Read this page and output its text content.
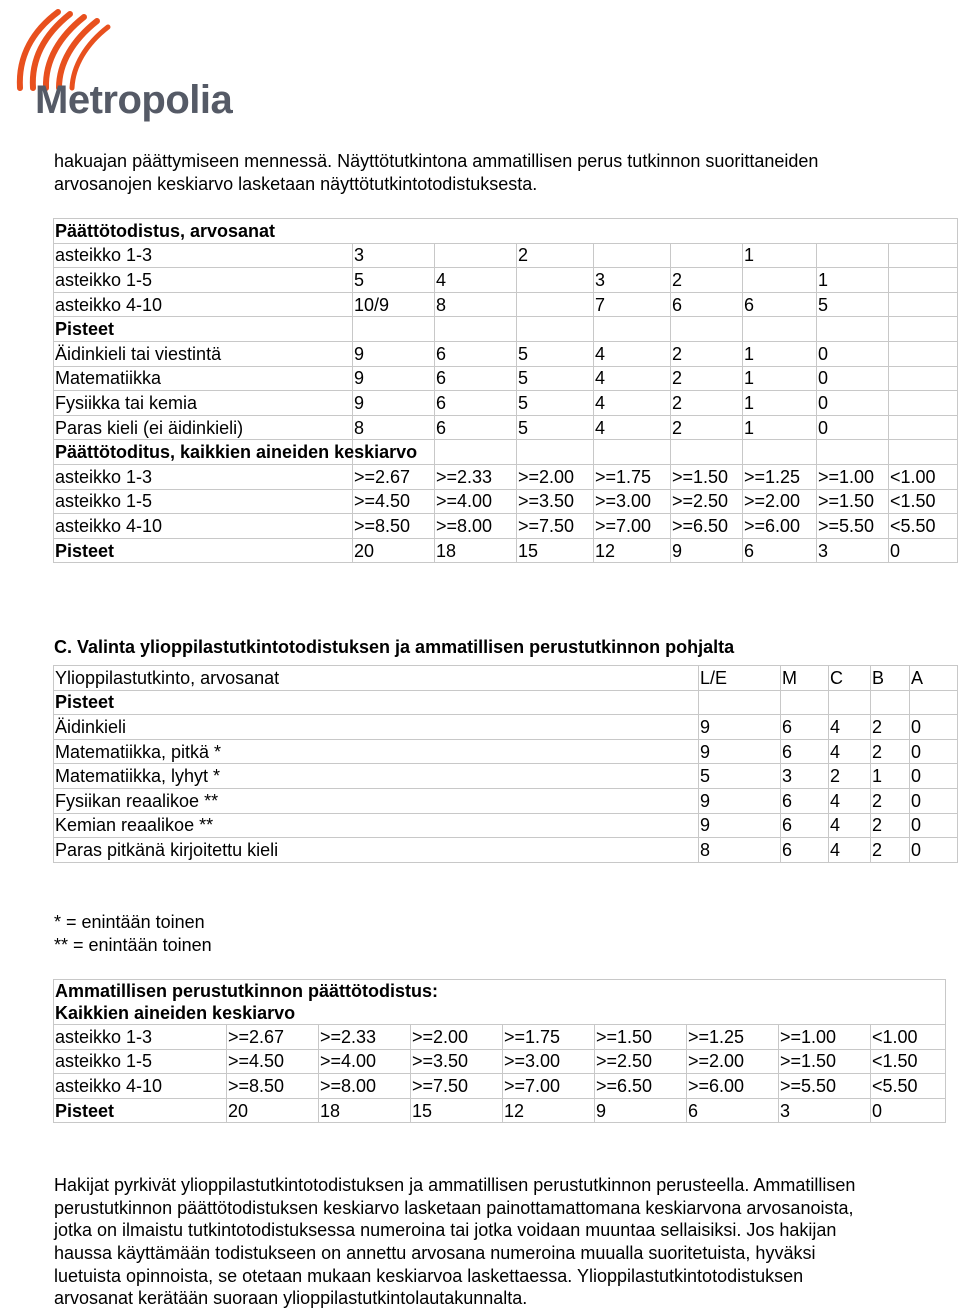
Metropolia

hakuajan päättymiseen mennessä. Näyttötutkintona ammatillisen perus tutkinnon suorittaneiden

arvosanojen keskiarvo lasketaan näyttötutkintotodistuksesta.

Päättötodistus, arvosanat								
asteikko 1-3	3		2			1		
asteikko 1-5	5	4		3	2		1	
asteikko 4-10	10/9	8		7	6	6	5	
Pisteet								
Äidinkieli tai viestintä	9	6	5	4	2	1	0	
Matematiikka	9	6	5	4	2	1	0	
Fysiikka tai kemia	9	6	5	4	2	1	0	
Paras kieli (ei äidinkieli)	8	6	5	4	2	1	0	
Päättötoditus, kaikkien aineiden keskiarvo								
asteikko 1-3	>=2.67	>=2.33	>=2.00	>=1.75	>=1.50	>=1.25	>=1.00	<1.00
asteikko 1-5	>=4.50	>=4.00	>=3.50	>=3.00	>=2.50	>=2.00	>=1.50	<1.50
asteikko 4-10	>=8.50	>=8.00	>=7.50	>=7.00	>=6.50	>=6.00	>=5.50	<5.50
Pisteet	20	18	15	12	9	6	3	0

C. Valinta ylioppilastutkintotodistuksen ja ammatillisen perustutkinnon pohjalta

Ylioppilastutkinto, arvosanat	L/E	M	C	B	A
Pisteet					
Äidinkieli	9	6	4	2	0
Matematiikka, pitkä *	9	6	4	2	0
Matematiikka, lyhyt *	5	3	2	1	0
Fysiikan reaalikoe **	9	6	4	2	0
Kemian reaalikoe **	9	6	4	2	0
Paras pitkänä kirjoitettu kieli	8	6	4	2	0

* = enintään toinen

** = enintään toinen

Ammatillisen perustutkinnon päättötodistus:
Kaikkien aineiden keskiarvo								
asteikko 1-3	>=2.67	>=2.33	>=2.00	>=1.75	>=1.50	>=1.25	>=1.00	<1.00
asteikko 1-5	>=4.50	>=4.00	>=3.50	>=3.00	>=2.50	>=2.00	>=1.50	<1.50
asteikko 4-10	>=8.50	>=8.00	>=7.50	>=7.00	>=6.50	>=6.00	>=5.50	<5.50
Pisteet	20	18	15	12	9	6	3	0

Hakijat pyrkivät ylioppilastutkintotodistuksen ja ammatillisen perustutkinnon perusteella. Ammatillisen

perustutkinnon päättötodistuksen keskiarvo lasketaan painottamattomana keskiarvona arvosanoista,

jotka on ilmaistu tutkintotodistuksessa numeroina tai jotka voidaan muuntaa sellaisiksi. Jos hakijan

haussa käyttämään todistukseen on annettu arvosana numeroina muualla suoritetuista, hyväksi

luetuista opinnoista, se otetaan mukaan keskiarvoa laskettaessa. Ylioppilastutkintotodistuksen

arvosanat kerätään suoraan ylioppilastutkintolautakunnalta.
